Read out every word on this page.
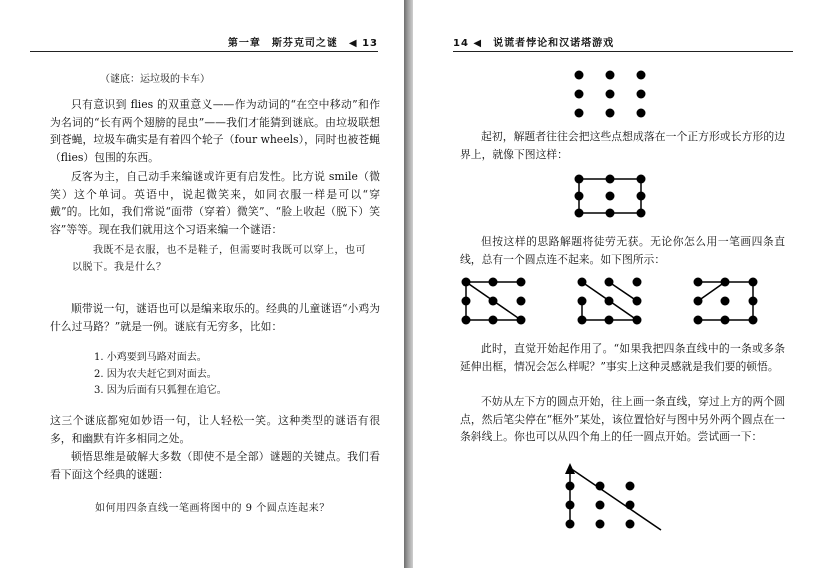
第一章　斯芬克司之谜　◀ 13
（谜底：运垃圾的卡车）
只有意识到 flies 的双重意义——作为动词的“在空中移动”和作为名词的“长有两个翅膀的昆虫”——我们才能猜到谜底。由垃圾联想到苍蝇，垃圾车确实是有着四个轮子（four wheels），同时也被苍蝇（flies）包围的东西。
反客为主，自己动手来编谜或许更有启发性。比方说 smile（微笑）这个单词。英语中，说起微笑来，如同衣服一样是可以“穿戴”的。比如，我们常说“面带（穿着）微笑”、“脸上收起（脱下）笑容”等等。现在我们就用这个习语来编一个谜语：
我既不是衣服，也不是鞋子，但需要时我既可以穿上，也可以脱下。我是什么？
顺带说一句，谜语也可以是编来取乐的。经典的儿童谜语“小鸡为什么过马路？”就是一例。谜底有无穷多，比如：
1. 小鸡要到马路对面去。
2. 因为农夫赶它到对面去。
3. 因为后面有只狐狸在追它。
这三个谜底都宛如妙语一句，让人轻松一笑。这种类型的谜语有很多，和幽默有许多相同之处。
顿悟思维是破解大多数（即使不是全部）谜题的关键点。我们看看下面这个经典的谜题：
如何用四条直线一笔画将图中的 9 个圆点连起来？
14 ◀　说谎者悖论和汉诺塔游戏
起初，解题者往往会把这些点想成落在一个正方形或长方形的边界上，就像下图这样：
但按这样的思路解题将徒劳无获。无论你怎么用一笔画四条直线，总有一个圆点连不起来。如下图所示：
此时，直觉开始起作用了。“如果我把四条直线中的一条或多条延伸出框，情况会怎么样呢？”事实上这种灵感就是我们要的顿悟。
不妨从左下方的圆点开始，往上画一条直线，穿过上方的两个圆点，然后笔尖停在“框外”某处，该位置恰好与图中另外两个圆点在一条斜线上。你也可以从四个角上的任一圆点开始。尝试画一下：
